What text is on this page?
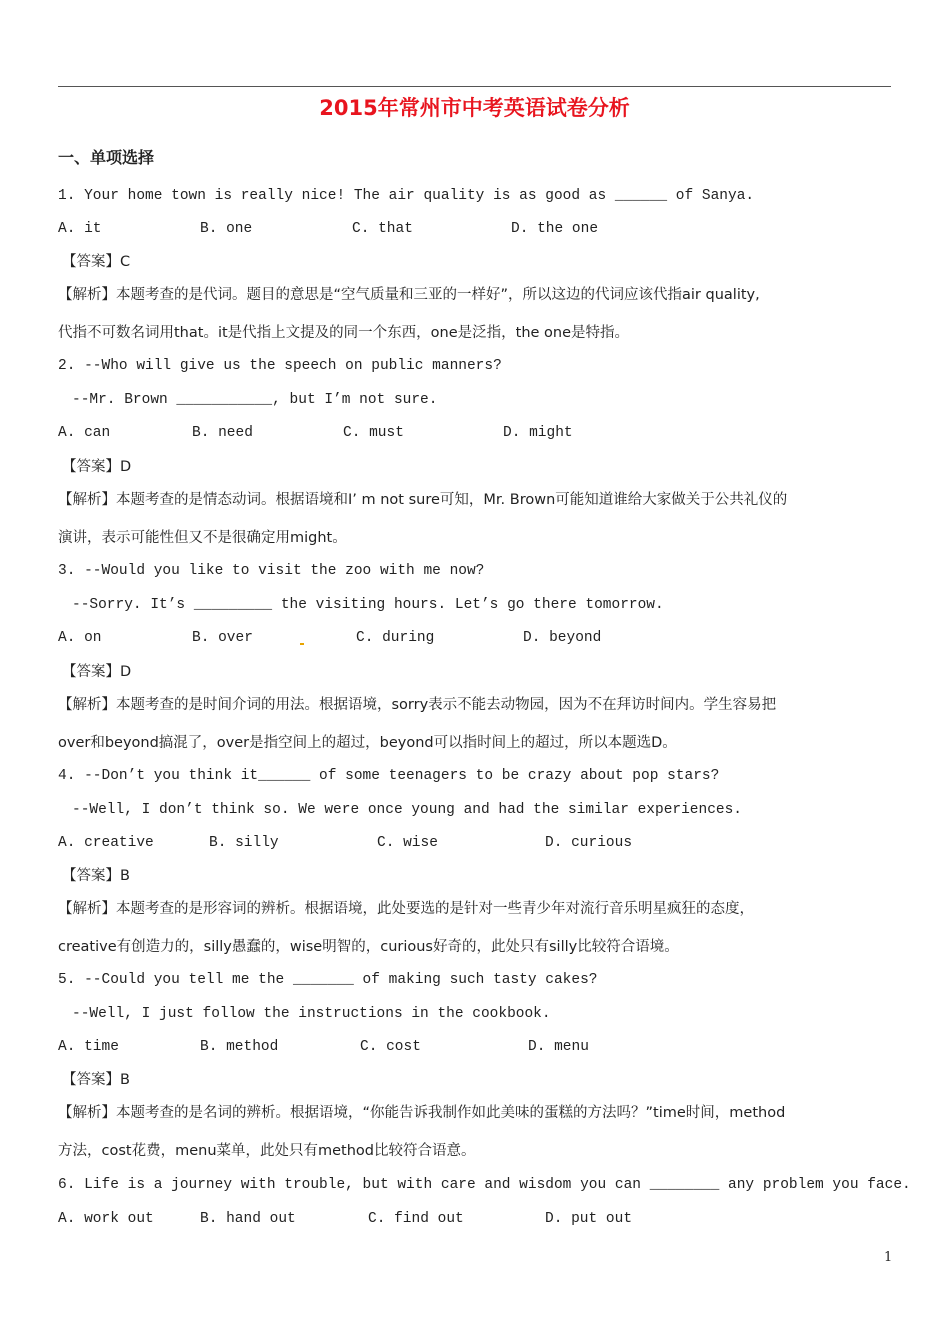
2015年常州市中考英语试卷分析
一、单项选择
1. Your home town is really nice! The air quality is as good as ______ of Sanya.
A. it	B. one	C. that	D. the one
【答案】C
【解析】本题考查的是代词。题目的意思是“空气质量和三亚的一样好”，所以这边的代词应该代指air quality,
代指不可数名词用that。it是代指上文提及的同一个东西，one是泛指，the one是特指。
2. --Who will give us the speech on public manners?
--Mr. Brown ___________, but I’m not sure.
A. can	B. need	C. must	D. might
【答案】D
【解析】本题考查的是情态动词。根据语境和I’ m not sure可知，Mr. Brown可能知道谁给大家做关于公共礼仪的
演讲，表示可能性但又不是很确定用might。
3. --Would you like to visit the zoo with me now?
--Sorry. It’s _________ the visiting hours. Let’s go there tomorrow.
A. on	B. over	C. during	D. beyond
【答案】D
【解析】本题考查的是时间介词的用法。根据语境，sorry表示不能去动物园，因为不在拜访时间内。学生容易把
over和beyond搞混了，over是指空间上的超过，beyond可以指时间上的超过，所以本题选D。
4. --Don’t you think it______ of some teenagers to be crazy about pop stars?
--Well, I don’t think so. We were once young and had the similar experiences.
A. creative	B. silly	C. wise	D. curious
【答案】B
【解析】本题考查的是形容词的辨析。根据语境，此处要选的是针对一些青少年对流行音乐明星疯狂的态度，
creative有创造力的，silly愚蠢的，wise明智的，curious好奇的，此处只有silly比较符合语境。
5. --Could you tell me the _______ of making such tasty cakes?
--Well, I just follow the instructions in the cookbook.
A. time	B. method	C. cost	D. menu
【答案】B
【解析】本题考查的是名词的辨析。根据语境，“你能告诉我制作如此美味的蛋糕的方法吗？”time时间，method
方法，cost花费，menu菜单，此处只有method比较符合语意。
6. Life is a journey with trouble, but with care and wisdom you can ________ any problem you face.
A. work out	B. hand out	C. find out	D. put out
1
